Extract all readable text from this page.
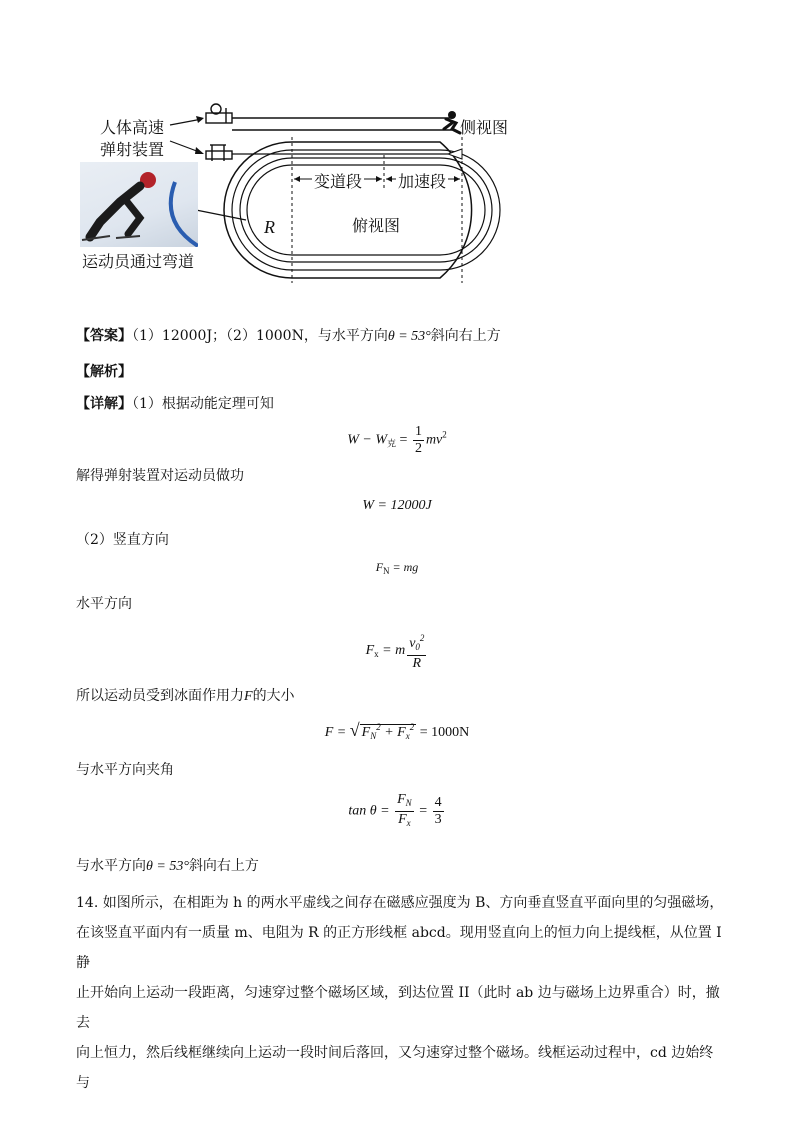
人体高速
弹射装置
侧视图
变道段 加速段
俯视图
R
运动员通过弯道
【答案】（1）12000J；（2）1000N，与水平方向θ = 53°斜向右上方
【解析】
【详解】（1）根据动能定理可知
$W - W_克 = \frac{1}{2} mv^2$
解得弹射装置对运动员做功
W = 12000J
（2）竖直方向
$F_N$ = mg
水平方向
$F_x = m \frac{v_0^2}{R}$
所以运动员受到冰面作用力F的大小
F = √ $F_N^2 + F_x^2 = 1000N$
与水平方向夹角
$\tan \theta = \frac{F_N}{F_x} = \frac{4}{3}$
与水平方向θ = 53°斜向右上方
14. 如图所示，在相距为 h 的两水平虚线之间存在磁感应强度为 B、方向垂直竖直平面向里的匀强磁场，
在该竖直平面内有一质量 m、电阻为 R 的正方形线框 abcd。现用竖直向上的恒力向上提线框，从位置 I 静
止开始向上运动一段距离，匀速穿过整个磁场区域，到达位置 II（此时 ab 边与磁场上边界重合）时，撤去
向上恒力，然后线框继续向上运动一段时间后落回，又匀速穿过整个磁场。线框运动过程中，cd 边始终与
